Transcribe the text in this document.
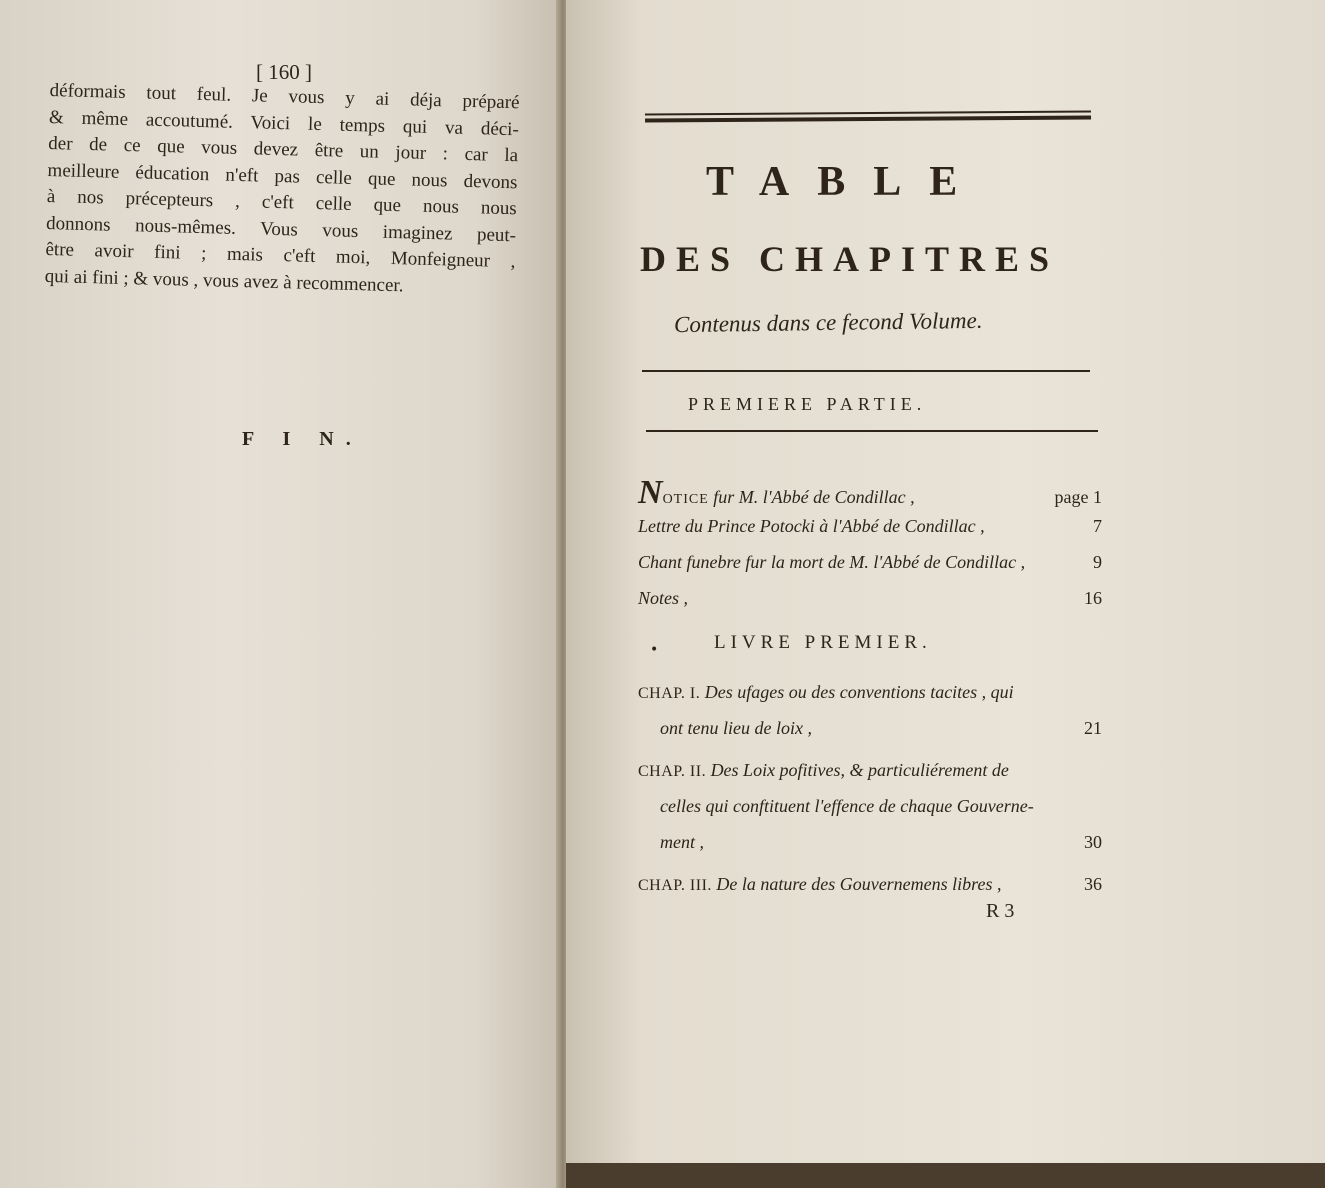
[ 160 ]
déformais tout feul. Je vous y ai déja préparé
& même accoutumé. Voici le temps qui va déci-
der de ce que vous devez être un jour : car la
meilleure éducation n'eft pas celle que nous devons
à nos précepteurs , c'eft celle que nous nous
donnons nous-mêmes. Vous vous imaginez peut-
être avoir fini ; mais c'eft moi, Monfeigneur ,
qui ai fini ; & vous , vous avez à recommencer.
F I N.
TABLE
DES CHAPITRES
Contenus dans ce fecond Volume.
PREMIERE PARTIE.
NOTICE fur M. l'Abbé de Condillac ,	page 1
Lettre du Prince Potocki à l'Abbé de Condillac ,	7
Chant funebre fur la mort de M. l'Abbé de Condillac ,	9
Notes ,	16
•	LIVRE PREMIER.
CHAP. I. Des ufages ou des conventions tacites , qui
ont tenu lieu de loix ,	21
CHAP. II. Des Loix pofitives, & particuliérement de
celles qui conftituent l'effence de chaque Gouverne-
ment ,	30
CHAP. III. De la nature des Gouvernemens libres ,	36
R 3
